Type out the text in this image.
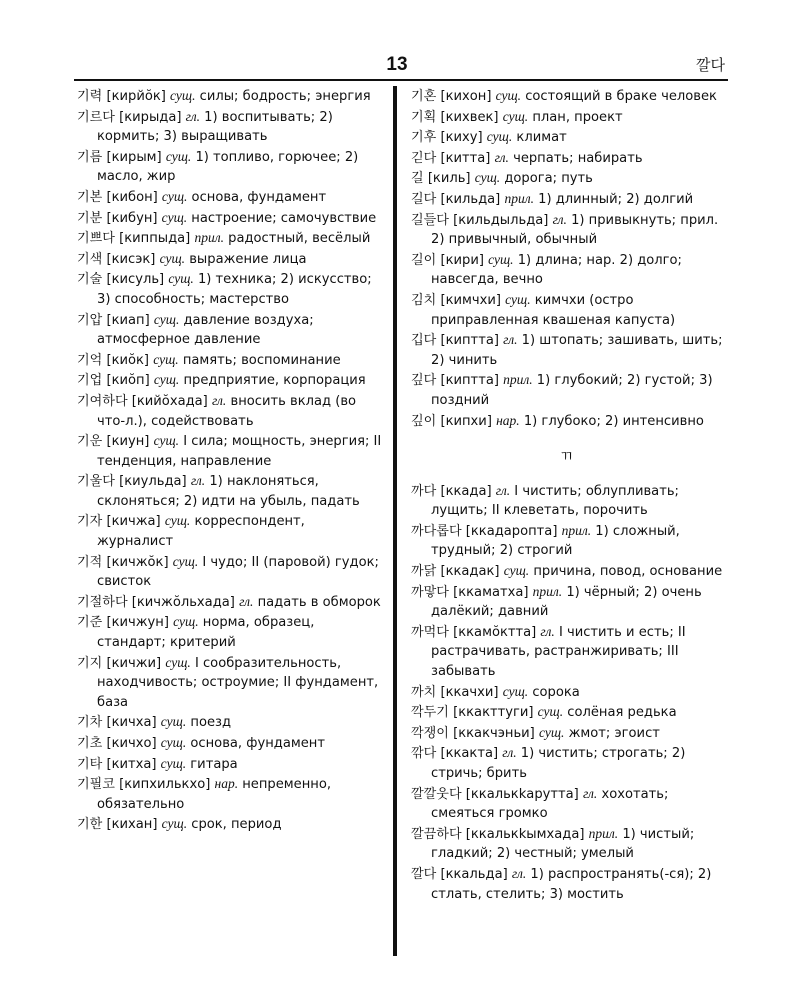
13	깔다

기력 [кирйŏк] сущ. силы; бодрость; энергия

기르다 [кирыда] гл. 1) воспитывать; 2) кормить; 3) выращивать

기름 [кирым] сущ. 1) топливо, горючее; 2) масло, жир

기본 [кибон] сущ. основа, фундамент

기분 [кибун] сущ. настроение; самочувствие

기쁘다 [киппыда] прил. радостный, весёлый

기색 [кисэк] сущ. выражение лица

기술 [кисуль] сущ. 1) техника; 2) искусство; 3) способность; мастерство

기압 [киап] сущ. давление воздуха; атмосферное давление

기억 [киŏк] сущ. память; воспоминание

기업 [киŏп] сущ. предприятие, корпорация

기여하다 [кийŏхада] гл. вносить вклад (во что-л.), содействовать

기운 [киун] сущ. I сила; мощность, энергия; II тенденция, направление

기울다 [киульда] гл. 1) наклоняться, склоняться; 2) идти на убыль, падать

기자 [кичжа] сущ. корреспондент, журналист

기적 [кичжŏк] сущ. I чудо; II (паровой) гудок; свисток

기절하다 [кичжŏльхада] гл. падать в обморок

기준 [кичжун] сущ. норма, образец, стандарт; критерий

기지 [кичжи] сущ. I сообразительность, находчивость; остроумие; II фундамент, база

기차 [кичха] сущ. поезд

기초 [кичхо] сущ. основа, фундамент

기타 [китха] сущ. гитара

기필코 [кипхилькхо] нар. непременно, обязательно

기한 [кихан] сущ. срок, период

기혼 [кихон] сущ. состоящий в браке человек

기획 [кихвек] сущ. план, проект

기후 [киху] сущ. климат

긷다 [китта] гл. черпать; набирать

길 [киль] сущ. дорога; путь

길다 [кильда] прил. 1) длинный; 2) долгий

길들다 [кильдыльда] гл. 1) привыкнуть; прил. 2) привычный, обычный

길이 [кири] сущ. 1) длина; нар. 2) долго; навсегда, вечно

김치 [кимчхи] сущ. кимчхи (остро приправленная квашеная капуста)

깁다 [киптта] гл. 1) штопать; зашивать, шить; 2) чинить

깊다 [киптта] прил. 1) глубокий; 2) густой; 3) поздний

깊이 [кипхи] нар. 1) глубоко; 2) интенсивно

ㄲ

까다 [ккада] гл. I чистить; облупливать; лущить; II клеветать, порочить

까다롭다 [ккадаропта] прил. 1) сложный, трудный; 2) строгий

까닭 [ккадак] сущ. причина, повод, основание

까맣다 [ккаматха] прил. 1) чёрный; 2) очень далёкий; давний

까먹다 [ккамŏктта] гл. I чистить и есть; II растрачивать, растранжиривать; III забывать

까치 [ккачхи] сущ. сорока

깍두기 [ккакттуги] сущ. солёная редька

깍쟁이 [ккакчэньи] сущ. жмот; эгоист

깎다 [ккакта] гл. 1) чистить; строгать; 2) стричь; брить

깔깔웃다 [ккалькkарутта] гл. хохотать; смеяться громко

깔끔하다 [ккалькkымхада] прил. 1) чистый; гладкий; 2) честный; умелый

깔다 [ккальда] гл. 1) распространять(-ся); 2) стлать, стелить; 3) мостить
